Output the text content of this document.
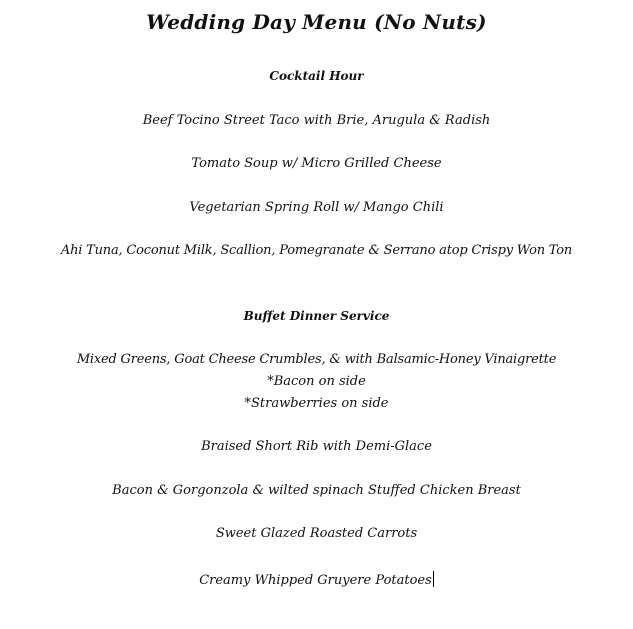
Wedding Day Menu (No Nuts)
Cocktail Hour
Beef Tocino Street Taco with Brie, Arugula & Radish
Tomato Soup w/ Micro Grilled Cheese
Vegetarian Spring Roll w/ Mango Chili
Ahi Tuna, Coconut Milk, Scallion, Pomegranate & Serrano atop Crispy Won Ton
Buffet Dinner Service
Mixed Greens, Goat Cheese Crumbles, & with Balsamic-Honey Vinaigrette
*Bacon on side
*Strawberries on side
Braised Short Rib with Demi-Glace
Bacon & Gorgonzola & wilted spinach Stuffed Chicken Breast
Sweet Glazed Roasted Carrots
Creamy Whipped Gruyere Potatoes
